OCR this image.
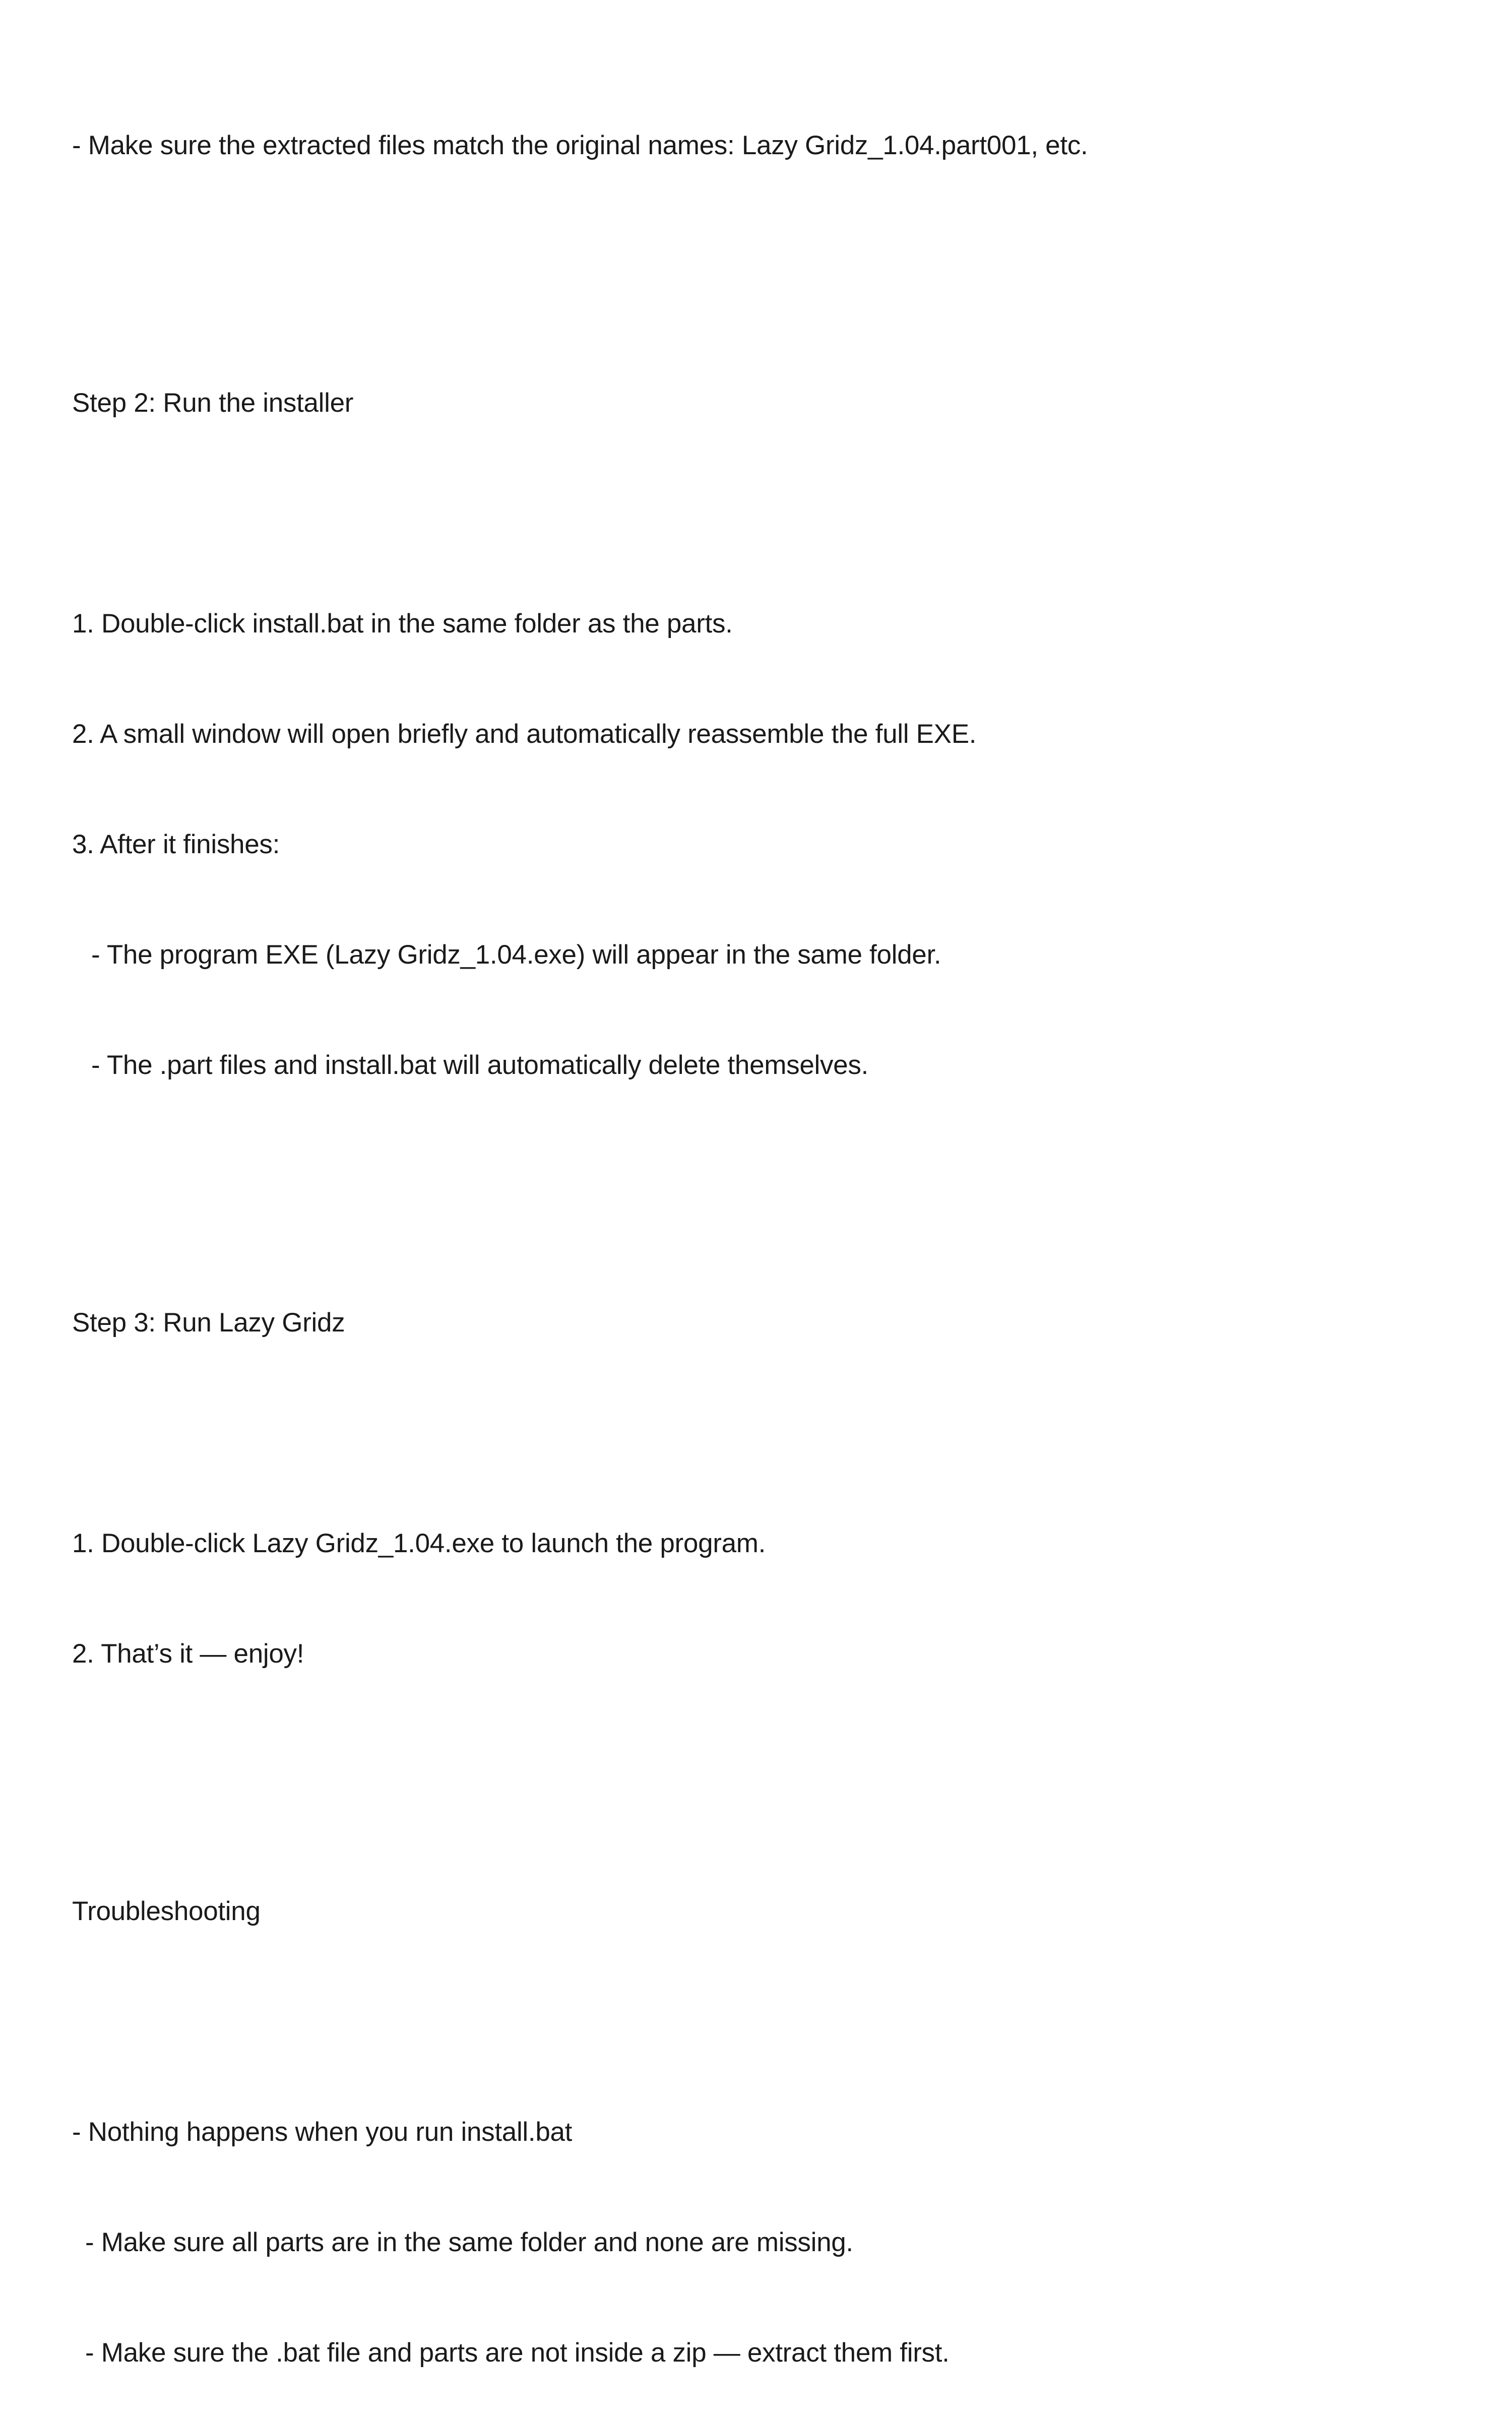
- Make sure the extracted files match the original names: Lazy Gridz_1.04.part001, etc.

Step 2: Run the installer

1. Double-click install.bat in the same folder as the parts.

2. A small window will open briefly and automatically reassemble the full EXE.

3. After it finishes:

- The program EXE (Lazy Gridz_1.04.exe) will appear in the same folder.

- The .part files and install.bat will automatically delete themselves.

Step 3: Run Lazy Gridz

1. Double-click Lazy Gridz_1.04.exe to launch the program.

2. That’s it — enjoy!

Troubleshooting

- Nothing happens when you run install.bat

- Make sure all parts are in the same folder and none are missing.

- Make sure the .bat file and parts are not inside a zip — extract them first.
